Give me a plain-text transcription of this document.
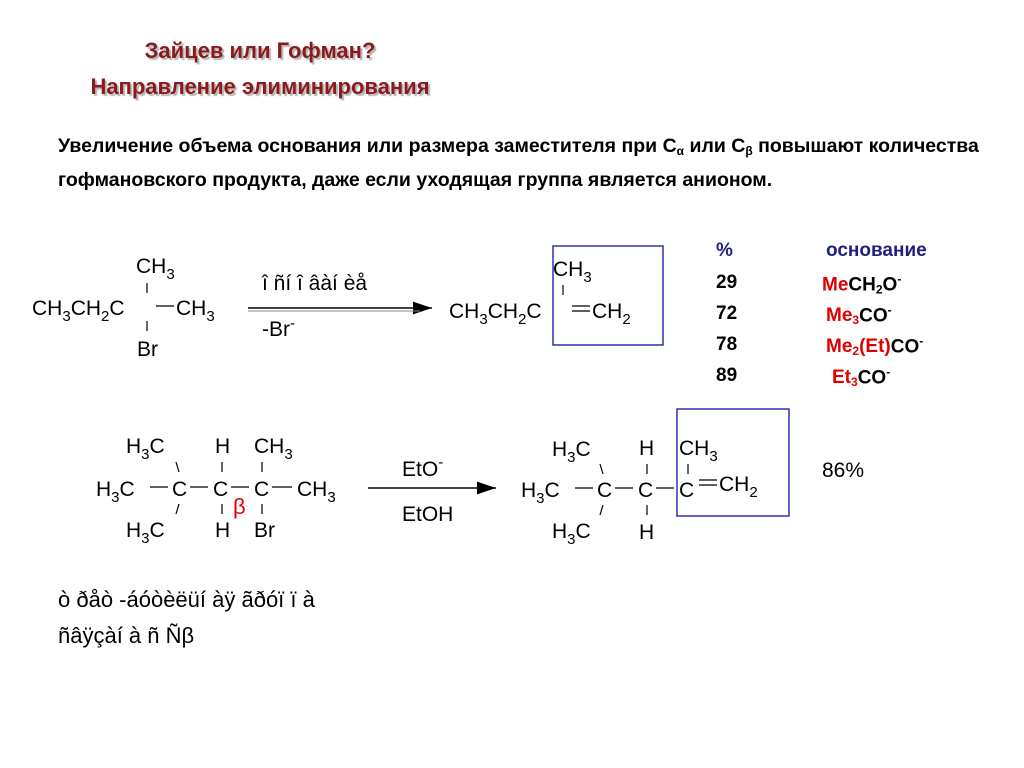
Зайцев или Гофман?
Направление элиминирования
Увеличение объема основания или размера заместителя при $С_\alpha$ или $С_\beta$ повышают количества гофмановского продукта, даже если уходящая группа является анионом.
$CH_3$
$CH_3CH_2C$ $CH_3$
Br
î ñí î âàí èå
-Br-
$CH_3$
$CH_3CH_2C$ $CH_2$
$H_3C$ H $CH_3$
$H_3C$ C C C $CH_3$
β
$H_3C$ H Br
EtO-
EtOH
$H_3C$ H $CH_3$
$H_3C$ C C C $CH_2$
$H_3C$ H
86%
%	основание
29	MeCH$_2$O-
72	$Me_3CO^-$
78	$Me_2(Et)CO^-$
89	$Et_3CO^-$
ò ðåò -áóòèëüí àÿ ãðóï ï à
ñâÿçàí à ñ Ñβ
